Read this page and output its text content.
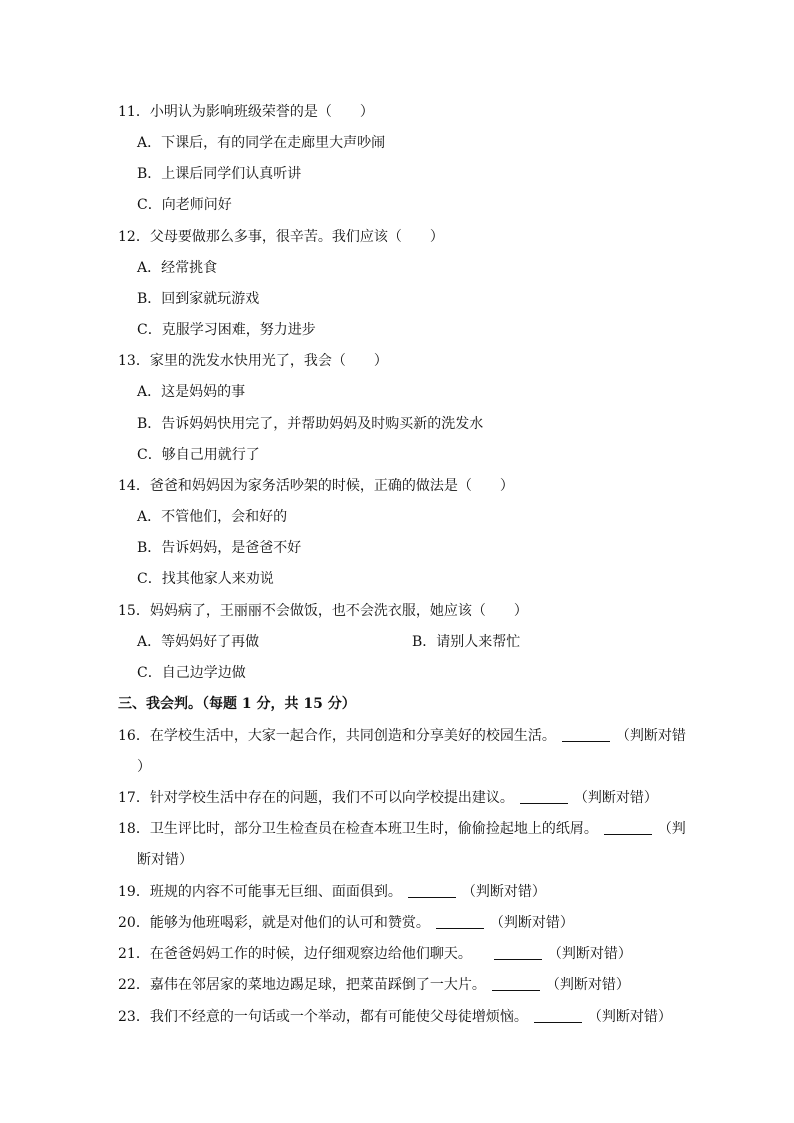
11．小明认为影响班级荣誉的是（　　）
A．下课后，有的同学在走廊里大声吵闹
B．上课后同学们认真听讲
C．向老师问好
12．父母要做那么多事，很辛苦。我们应该（　　）
A．经常挑食
B．回到家就玩游戏
C．克服学习困难，努力进步
13．家里的洗发水快用光了，我会（　　）
A．这是妈妈的事
B．告诉妈妈快用完了，并帮助妈妈及时购买新的洗发水
C．够自己用就行了
14．爸爸和妈妈因为家务活吵架的时候，正确的做法是（　　）
A．不管他们，会和好的
B．告诉妈妈，是爸爸不好
C．找其他家人来劝说
15．妈妈病了，王丽丽不会做饭，也不会洗衣服，她应该（　　）
A．等妈妈好了再做	B．请别人来帮忙
C．自己边学边做
三、我会判。（每题 1 分，共 15 分）
16．在学校生活中，大家一起合作，共同创造和分享美好的校园生活。	（判断对错
）
17．针对学校生活中存在的问题，我们不可以向学校提出建议。	（判断对错）
18．卫生评比时，部分卫生检查员在检查本班卫生时，偷偷捡起地上的纸屑。	（判
断对错）
19．班规的内容不可能事无巨细、面面俱到。	（判断对错）
20．能够为他班喝彩，就是对他们的认可和赞赏。	（判断对错）
21．在爸爸妈妈工作的时候，边仔细观察边给他们聊天。	（判断对错）
22．嘉伟在邻居家的菜地边踢足球，把菜苗踩倒了一大片。	（判断对错）
23．我们不经意的一句话或一个举动，都有可能使父母徒增烦恼。	（判断对错）
